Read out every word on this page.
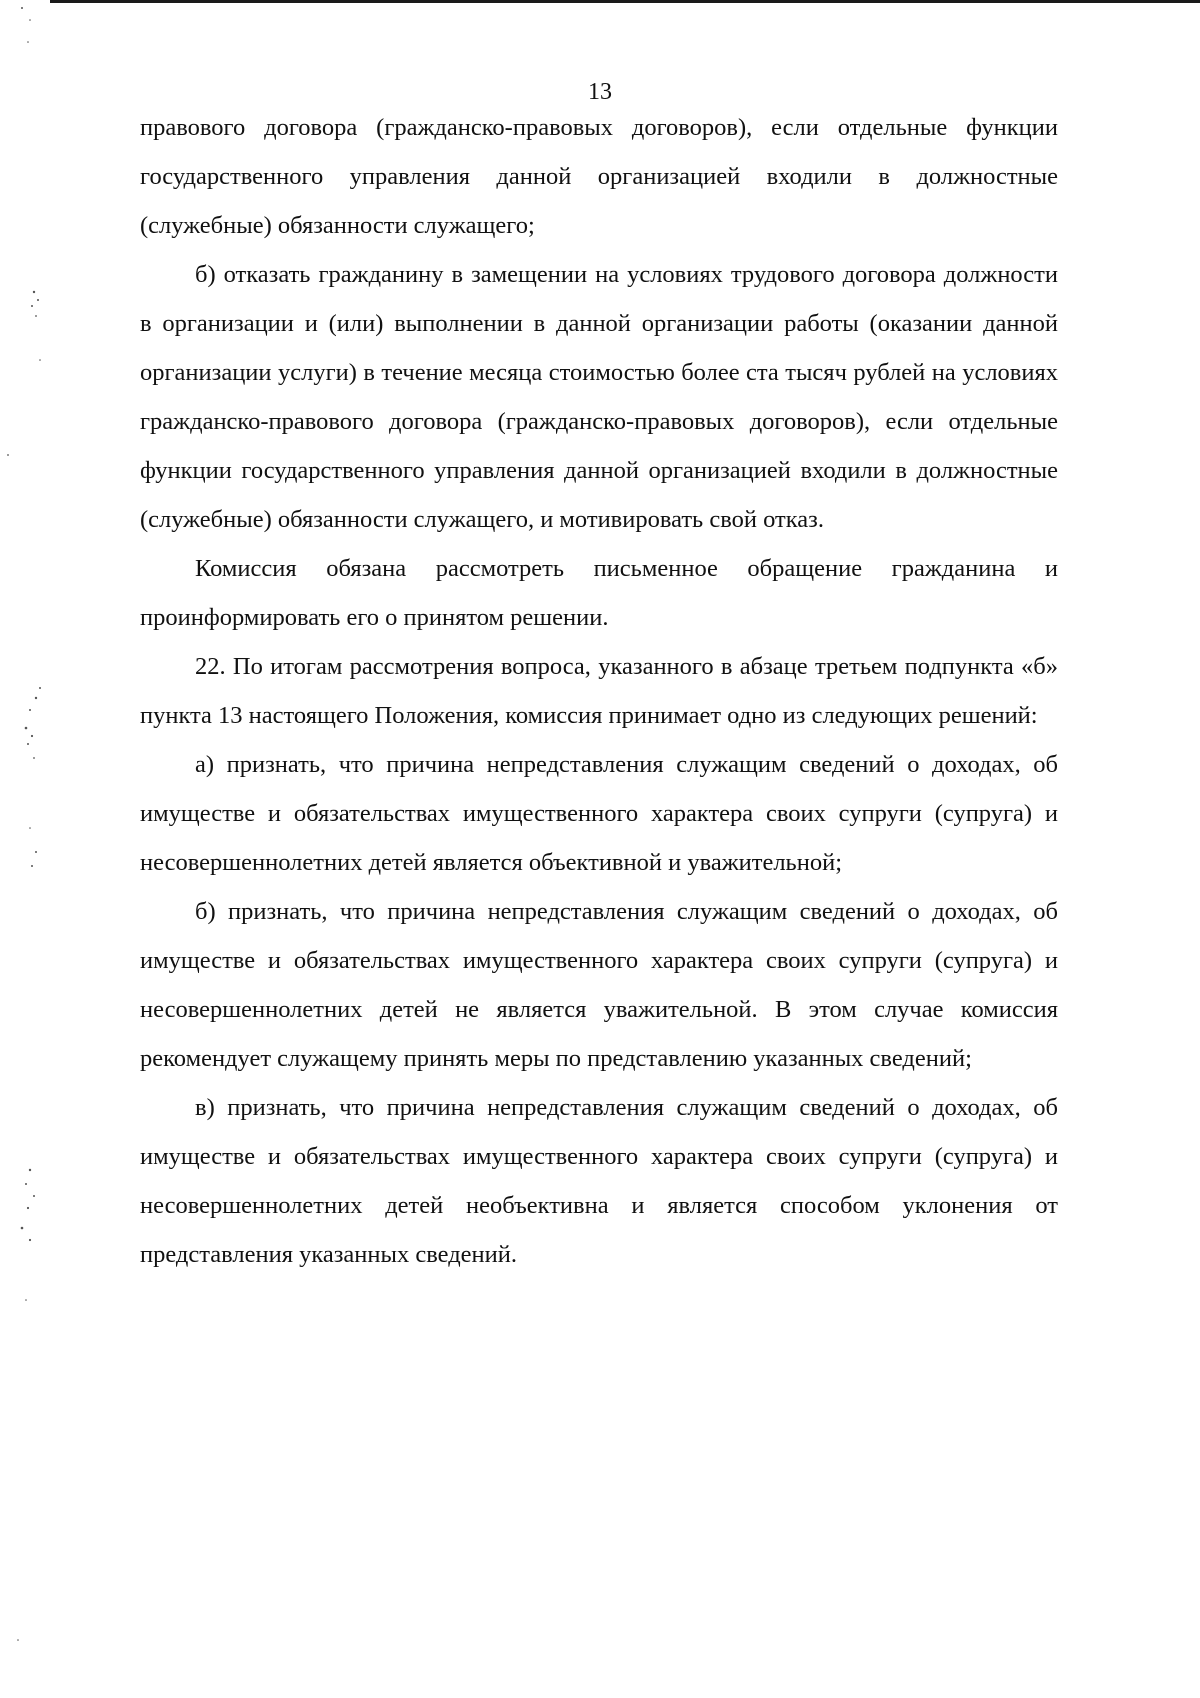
13

правового договора (гражданско-правовых договоров), если отдельные функции государственного управления данной организацией входили в должностные (служебные) обязанности служащего;

б) отказать гражданину в замещении на условиях трудового договора должности в организации и (или) выполнении в данной организации работы (оказании данной организации услуги) в течение месяца стоимостью более ста тысяч рублей на условиях гражданско-правового договора (гражданско-правовых договоров), если отдельные функции государственного управления данной организацией входили в должностные (служебные) обязанности служащего, и мотивировать свой отказ.

Комиссия обязана рассмотреть письменное обращение гражданина и проинформировать его о принятом решении.

22. По итогам рассмотрения вопроса, указанного в абзаце третьем подпункта «б» пункта 13 настоящего Положения, комиссия принимает одно из следующих решений:

а) признать, что причина непредставления служащим сведений о доходах, об имуществе и обязательствах имущественного характера своих супруги (супруга) и несовершеннолетних детей является объективной и уважительной;

б) признать, что причина непредставления служащим сведений о доходах, об имуществе и обязательствах имущественного характера своих супруги (супруга) и несовершеннолетних детей не является уважительной. В этом случае комиссия рекомендует служащему принять меры по представлению указанных сведений;

в) признать, что причина непредставления служащим сведений о доходах, об имуществе и обязательствах имущественного характера своих супруги (супруга) и несовершеннолетних детей необъективна и является способом уклонения от представления указанных сведений.
